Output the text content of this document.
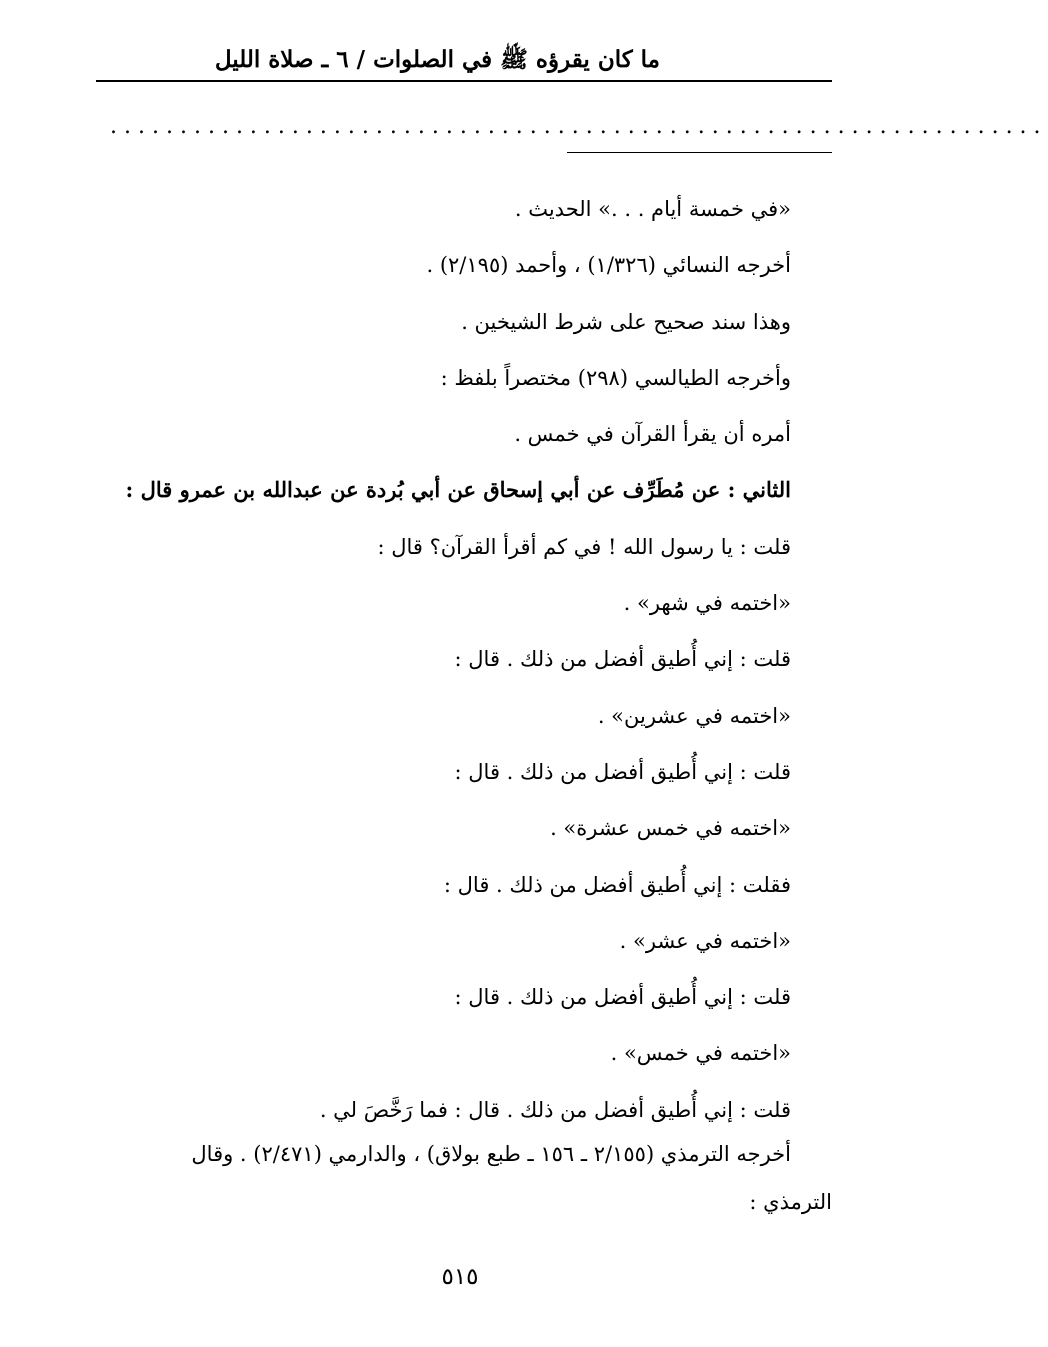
ما كان يقرؤه ﷺ في الصلوات / ٦ ـ صلاة الليل
...................................................................
«في خمسة أيام . . .» الحديث .
أخرجه النسائي (١/٣٢٦) ، وأحمد (٢/١٩٥) .
وهذا سند صحيح على شرط الشيخين .
وأخرجه الطيالسي (٢٩٨) مختصراً بلفظ :
أمره أن يقرأ القرآن في خمس .
الثاني : عن مُطَرِّف عن أبي إسحاق عن أبي بُردة عن عبدالله بن عمرو قال :
قلت : يا رسول الله ! في كم أقرأ القرآن؟ قال :
«اختمه في شهر» .
قلت : إني أُطيق أفضل من ذلك . قال :
«اختمه في عشرين» .
قلت : إني أُطيق أفضل من ذلك . قال :
«اختمه في خمس عشرة» .
فقلت : إني أُطيق أفضل من ذلك . قال :
«اختمه في عشر» .
قلت : إني أُطيق أفضل من ذلك . قال :
«اختمه في خمس» .
قلت : إني أُطيق أفضل من ذلك . قال : فما رَخَّصَ لي .
أخرجه الترمذي (٢/١٥٥ ـ ١٥٦ ـ طبع بولاق) ، والدارمي (٢/٤٧١) . وقال
الترمذي :
٥١٥
